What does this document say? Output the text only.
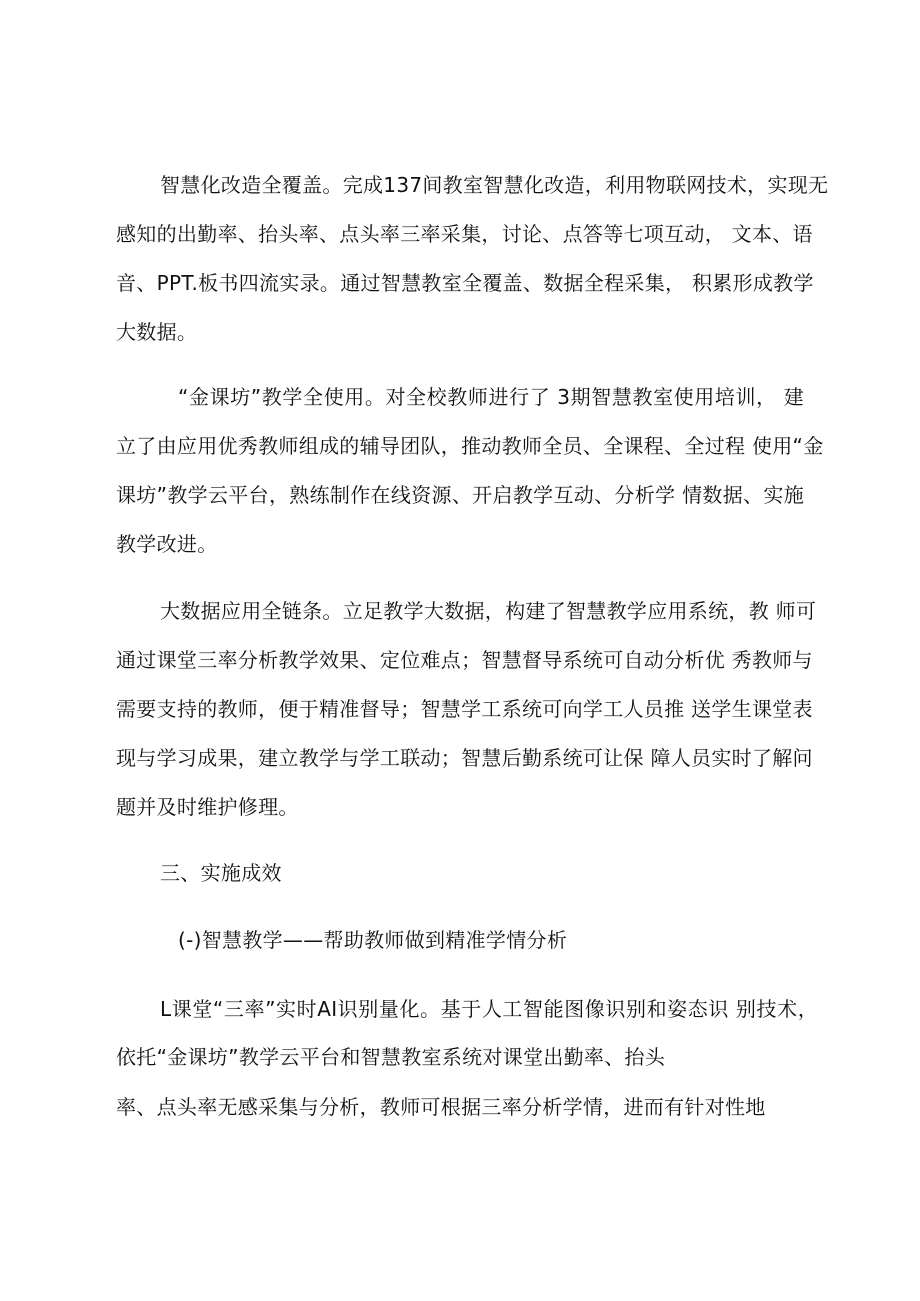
智慧化改造全覆盖。完成137间教室智慧化改造，利用物联网技术，实现无
感知的出勤率、抬头率、点头率三率采集，讨论、点答等七项互动， 文本、语
音、PPT.板书四流实录。通过智慧教室全覆盖、数据全程采集， 积累形成教学
大数据。
“金课坊”教学全使用。对全校教师进行了 3期智慧教室使用培训， 建
立了由应用优秀教师组成的辅导团队，推动教师全员、全课程、全过程 使用“金
课坊”教学云平台，熟练制作在线资源、开启教学互动、分析学 情数据、实施
教学改进。
大数据应用全链条。立足教学大数据，构建了智慧教学应用系统，教 师可
通过课堂三率分析教学效果、定位难点；智慧督导系统可自动分析优 秀教师与
需要支持的教师，便于精准督导；智慧学工系统可向学工人员推 送学生课堂表
现与学习成果，建立教学与学工联动；智慧后勤系统可让保 障人员实时了解问
题并及时维护修理。
三、实施成效
(-)智慧教学——帮助教师做到精准学情分析
L课堂“三率”实时AI识别量化。基于人工智能图像识别和姿态识 别技术，
依托“金课坊”教学云平台和智慧教室系统对课堂出勤率、抬头
率、点头率无感采集与分析，教师可根据三率分析学情，进而有针对性地
